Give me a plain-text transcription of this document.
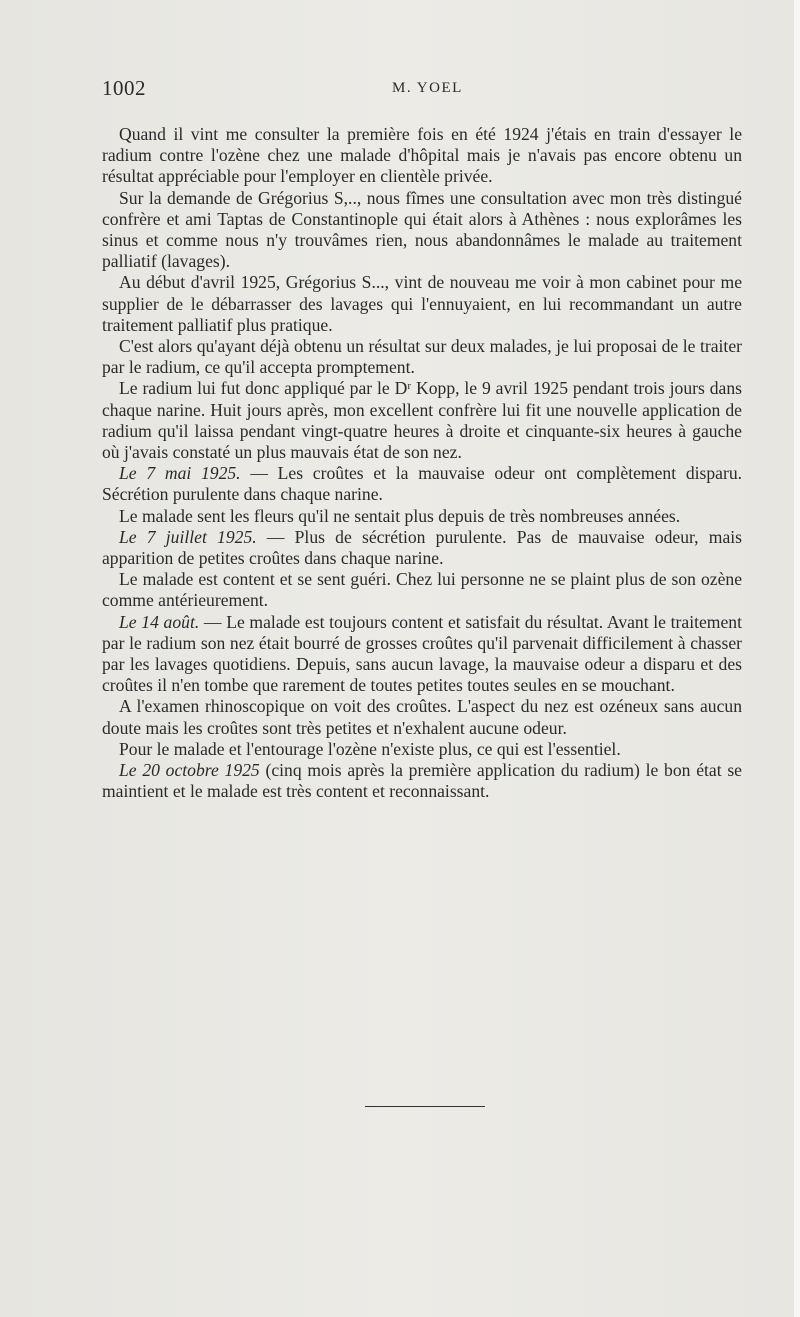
1002	M. YOEL

Quand il vint me consulter la première fois en été 1924 j'étais en train d'essayer le radium contre l'ozène chez une malade d'hôpital mais je n'avais pas encore obtenu un résultat appréciable pour l'employer en clientèle privée.

Sur la demande de Grégorius S,.., nous fîmes une consultation avec mon très distingué confrère et ami Taptas de Constantinople qui était alors à Athènes : nous explorâmes les sinus et comme nous n'y trouvâmes rien, nous abandonnâmes le malade au traitement palliatif (lavages).

Au début d'avril 1925, Grégorius S..., vint de nouveau me voir à mon cabinet pour me supplier de le débarrasser des lavages qui l'ennuyaient, en lui recommandant un autre traitement palliatif plus pratique.

C'est alors qu'ayant déjà obtenu un résultat sur deux malades, je lui proposai de le traiter par le radium, ce qu'il accepta promptement.

Le radium lui fut donc appliqué par le Dʳ Kopp, le 9 avril 1925 pendant trois jours dans chaque narine. Huit jours après, mon excellent confrère lui fit une nouvelle application de radium qu'il laissa pendant vingt-quatre heures à droite et cinquante-six heures à gauche où j'avais constaté un plus mauvais état de son nez.

Le 7 mai 1925. — Les croûtes et la mauvaise odeur ont complètement disparu. Sécrétion purulente dans chaque narine.

Le malade sent les fleurs qu'il ne sentait plus depuis de très nombreuses années.

Le 7 juillet 1925. — Plus de sécrétion purulente. Pas de mauvaise odeur, mais apparition de petites croûtes dans chaque narine.

Le malade est content et se sent guéri. Chez lui personne ne se plaint plus de son ozène comme antérieurement.

Le 14 août. — Le malade est toujours content et satisfait du résultat. Avant le traitement par le radium son nez était bourré de grosses croûtes qu'il parvenait difficilement à chasser par les lavages quotidiens. Depuis, sans aucun lavage, la mauvaise odeur a disparu et des croûtes il n'en tombe que rarement de toutes petites toutes seules en se mouchant.

A l'examen rhinoscopique on voit des croûtes. L'aspect du nez est ozéneux sans aucun doute mais les croûtes sont très petites et n'exhalent aucune odeur.

Pour le malade et l'entourage l'ozène n'existe plus, ce qui est l'essentiel.

Le 20 octobre 1925 (cinq mois après la première application du radium) le bon état se maintient et le malade est très content et reconnaissant.
